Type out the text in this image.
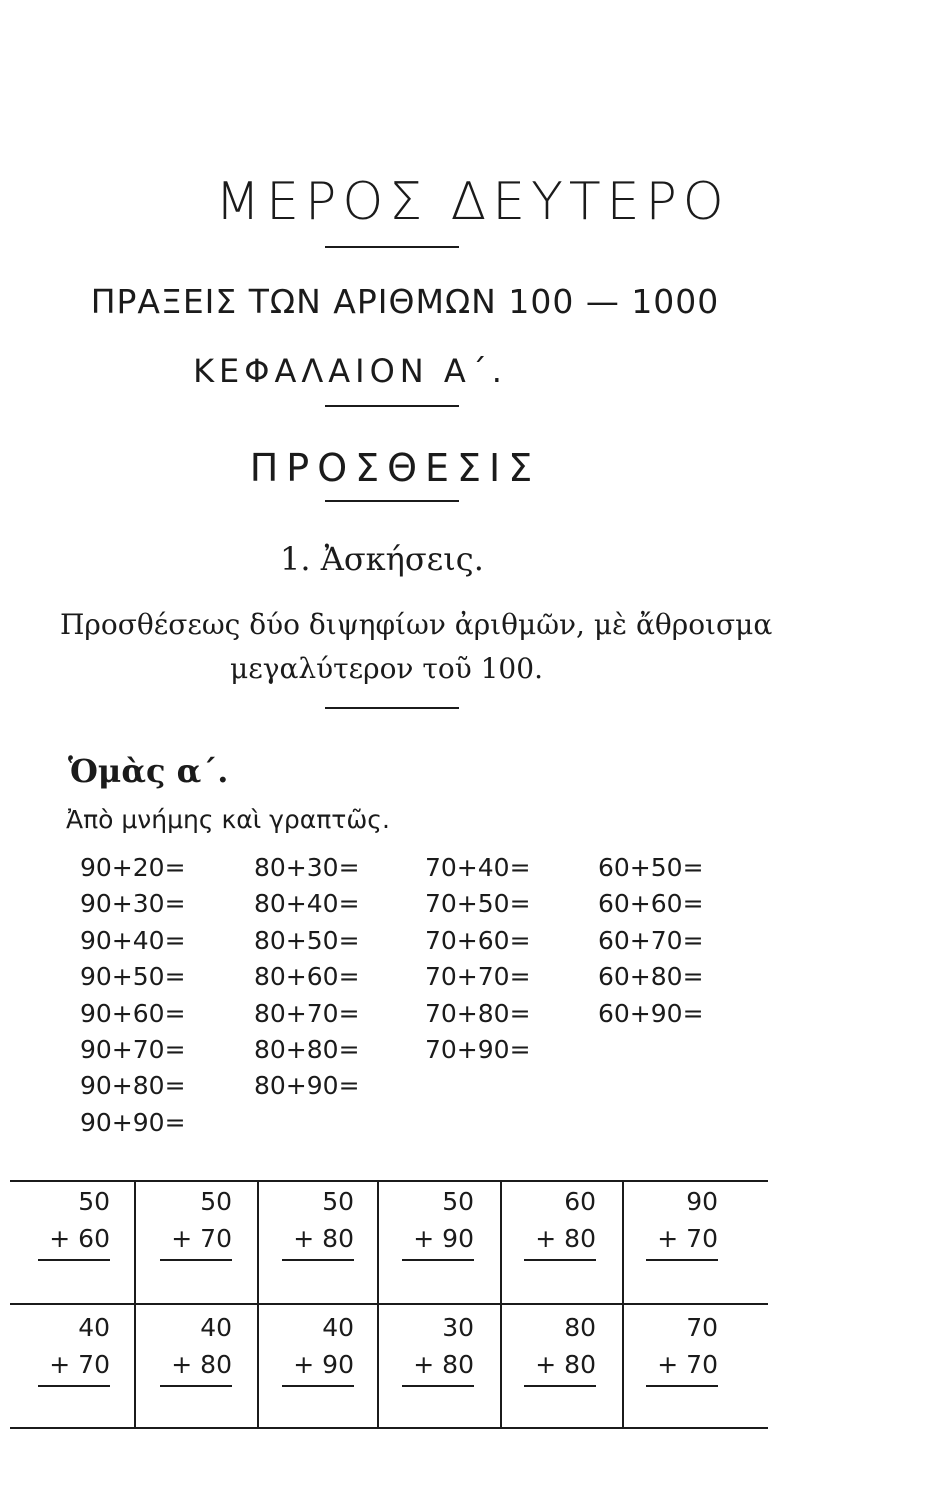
ΜΕΡΟΣ ΔΕΥΤΕΡΟ
ΠΡΑΞΕΙΣ ΤΩΝ ΑΡΙΘΜΩΝ 100 — 1000
ΚΕΦΑΛΑΙΟΝ Α΄.
ΠΡΟΣΘΕΣΙΣ
1. Ἀσκήσεις.
Προσθέσεως δύο διψηφίων ἀριθμῶν, μὲ ἄθροισμα
μεγαλύτερον τοῦ 100.
Ὁμὰς α΄.
Ἀπὸ μνήμης καὶ γραπτῶς.
90+20=
90+30=
90+40=
90+50=
90+60=
90+70=
90+80=
90+90=
80+30=
80+40=
80+50=
80+60=
80+70=
80+80=
80+90=
70+40=
70+50=
70+60=
70+70=
70+80=
70+90=
60+50=
60+60=
60+70=
60+80=
60+90=
50
+ 60
50
+ 70
50
+ 80
50
+ 90
60
+ 80
90
+ 70
40
+ 70
40
+ 80
40
+ 90
30
+ 80
80
+ 80
70
+ 70
